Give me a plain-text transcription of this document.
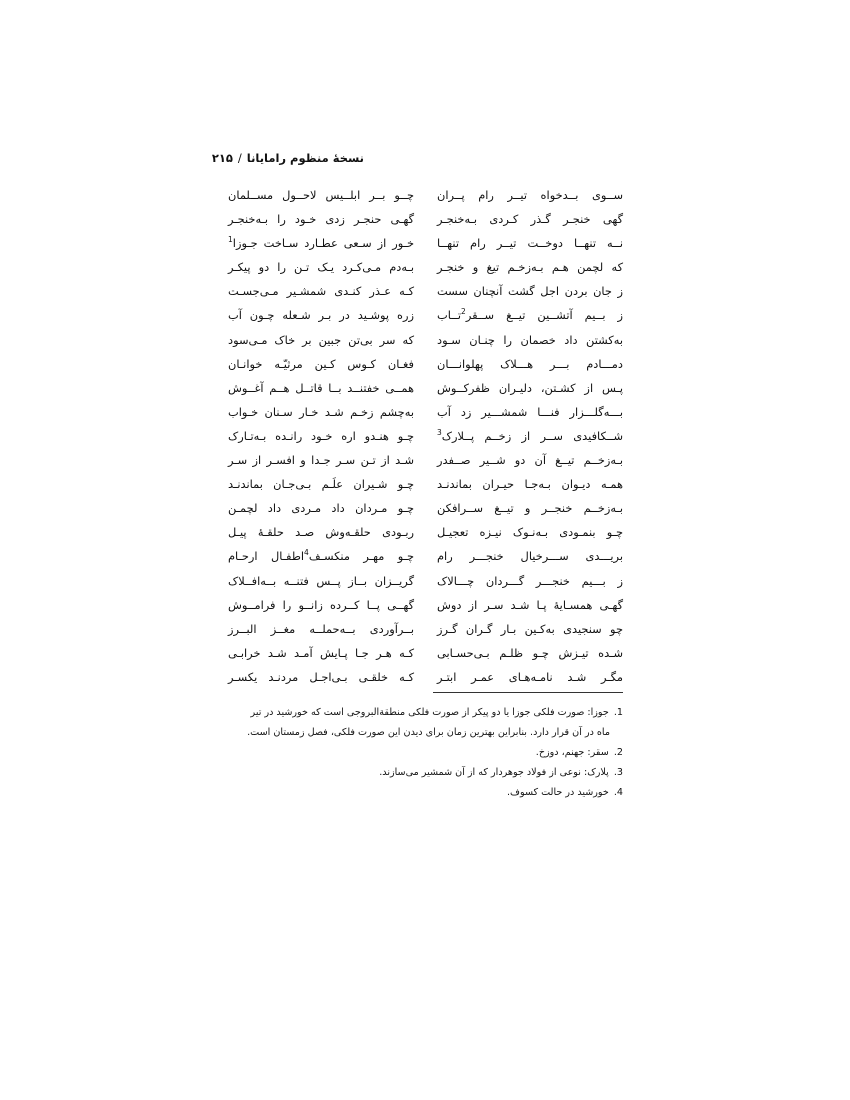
نسخهٔ منظوم رامایانا/۲۱۵
ســوی بــدخواه تیــر رام پــران
گهی خنجـر گـذر کـردی بـه‌خنجـر
نــه تنهــا دوخــت تیــر رام تنهــا
که لچمن هـم بـه‌زخـم تیغ و خنجـر
ز جان بردن اجل گشت آنچنان سست
ز بــیم آتشــین تیــغ ســقر$^2$تــاب
به‌کشتن داد خصمان را چنـان سـود
دمـــادم بـــر هـــلاک پهلوانـــان
پـس از کشـتن، دلیـران ظفرکــوش
بـــه‌گلـــزار فنـــا شمشـــیر زد آب
شــکافیدی ســر از زخــم پــلارک$^3$
بـه‌زخــم تیــغ آن دو شــیر صــفدر
همـه دیـوان بـه‌جـا حیـران بماندنـد
بـه‌زخــم خنجــر و تیــغ ســرافکن
چـو بنمـودی بـه‌نـوک نیـزه تعجیـل
بریـــدی ســـرخیال خنجـــر رام
ز بـــیم خنجـــر گـــردان چـــالاک
گهـی همسـایهٔ پـا شـد سـر از دوش
چو سنجیدی به‌کـین بـار گـران گـرز
شـده تیـزش چـو ظلـم بـی‌حسـابی
مگـر شـد نامـه‌هـای عمـر ابتـر
چــو بــر ابلــیس لاحــول مســلمان
گهـی حنجـر زدی خـود را بـه‌خنجـر
خـور از سـعی عطـارد سـاخت جـوزا$^1$
بـه‌دم مـی‌کـرد یـک تـن را دو پیکـر
کـه عـذر کنـدی شمشـیر مـی‌جسـت
زره پوشـید در بـر شـعله چـون آب
که سر بی‌تن جبین بر خاک مـی‌سود
فغـان کـوس کـین مرثیّـه خوانـان
همــی خفتنــد بــا قاتــل هــم آغــوش
به‌چشم زخـم شـد خـار سـنان خـواب
چـو هنـدو اره خـود رانـده بـه‌تـارک
شـد از تـن سـر جـدا و افسـر از سـر
چـو شـیران علَـم بـی‌جـان بماندنـد
چـو مـردان داد مـردی داد لچمـن
ربـودی حلقـه‌وش صـد حلقـهٔ پیـل
چـو مهـر منکسـف$^4$اطفـال ارحـام
گریــزان بــاز پــس فتنــه بــه‌افــلاک
گهــی پــا کــرده زانــو را فرامــوش
بــرآوردی بــه‌حملــه مغــز البــرز
کـه هـر جـا پـایش آمـد شـد خرابـی
کـه خلقـی بـی‌اجـل مردنـد یکسـر
1.جوزا: صورت فلکی جوزا یا دو پیکر از صورت فلکی منطقةالبروجی است که خورشید در تیر
ماه در آن قرار دارد. بنابراین بهترین زمان برای دیدن این صورت فلکی، فصل زمستان است.
2.سقر: جهنم، دوزخ.
3.پلارک: نوعی از فولاد جوهردار که از آن شمشیر می‌سازند.
4.خورشید در حالت کسوف.
